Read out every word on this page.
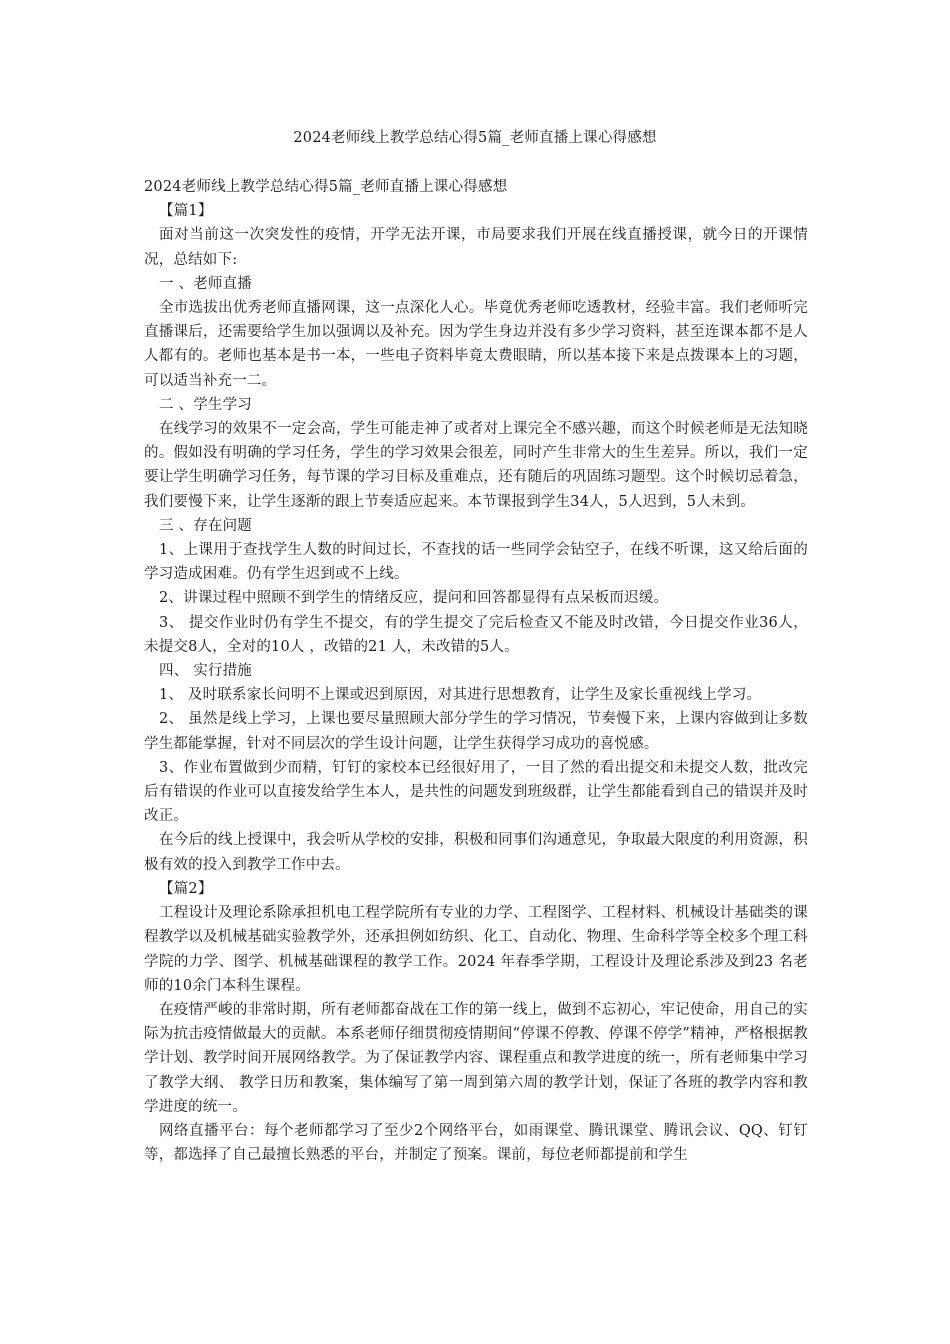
2024老师线上教学总结心得5篇_老师直播上课心得感想

2024老师线上教学总结心得5篇_老师直播上课心得感想

【篇1】

面对当前这一次突发性的疫情，开学无法开课，市局要求我们开展在线直播授课，就今日的开课情况，总结如下:

一 、老师直播

全市选拔出优秀老师直播网课，这一点深化人心。毕竟优秀老师吃透教材，经验丰富。我们老师听完直播课后，还需要给学生加以强调以及补充。因为学生身边并没有多少学习资料，甚至连课本都不是人人都有的。老师也基本是书一本，一些电子资料毕竟太费眼睛，所以基本接下来是点拨课本上的习题，可以适当补充一二。

二 、学生学习

在线学习的效果不一定会高，学生可能走神了或者对上课完全不感兴趣，而这个时候老师是无法知晓的。假如没有明确的学习任务，学生的学习效果会很差，同时产生非常大的生生差异。所以，我们一定要让学生明确学习任务，每节课的学习目标及重难点，还有随后的巩固练习题型。这个时候切忌着急，我们要慢下来，让学生逐渐的跟上节奏适应起来。本节课报到学生34人，5人迟到，5人未到。

三 、存在问题

1、上课用于查找学生人数的时间过长，不查找的话一些同学会钻空子，在线不听课，这又给后面的学习造成困难。仍有学生迟到或不上线。

2、讲课过程中照顾不到学生的情绪反应，提问和回答都显得有点呆板而迟缓。

3、 提交作业时仍有学生不提交，有的学生提交了完后检查又不能及时改错，今日提交作业36人，未提交8人，全对的10人 ，改错的21 人，未改错的5人。

四、 实行措施

1、 及时联系家长问明不上课或迟到原因，对其进行思想教育，让学生及家长重视线上学习。

2、 虽然是线上学习，上课也要尽量照顾大部分学生的学习情况，节奏慢下来，上课内容做到让多数学生都能掌握，针对不同层次的学生设计问题，让学生获得学习成功的喜悦感。

3、作业布置做到少而精，钉钉的家校本已经很好用了，一目了然的看出提交和未提交人数，批改完后有错误的作业可以直接发给学生本人，是共性的问题发到班级群，让学生都能看到自己的错误并及时改正。

在今后的线上授课中，我会听从学校的安排，积极和同事们沟通意见，争取最大限度的利用资源，积极有效的投入到教学工作中去。

【篇2】

工程设计及理论系除承担机电工程学院所有专业的力学、工程图学、工程材料、机械设计基础类的课程教学以及机械基础实验教学外，还承担例如纺织、化工、自动化、物理、生命科学等全校多个理工科学院的力学、图学、机械基础课程的教学工作。2024 年春季学期，工程设计及理论系涉及到23 名老师的10余门本科生课程。

在疫情严峻的非常时期，所有老师都奋战在工作的第一线上，做到不忘初心，牢记使命，用自己的实际为抗击疫情做最大的贡献。本系老师仔细贯彻疫情期间“停课不停教、停课不停学”精神，严格根据教学计划、教学时间开展网络教学。为了保证教学内容、课程重点和教学进度的统一，所有老师集中学习了教学大纲、 教学日历和教案，集体编写了第一周到第六周的教学计划，保证了各班的教学内容和教学进度的统一。

网络直播平台：每个老师都学习了至少2个网络平台，如雨课堂、腾讯课堂、腾讯会议、QQ、钉钉等，都选择了自己最擅长熟悉的平台，并制定了预案。课前，每位老师都提前和学生
